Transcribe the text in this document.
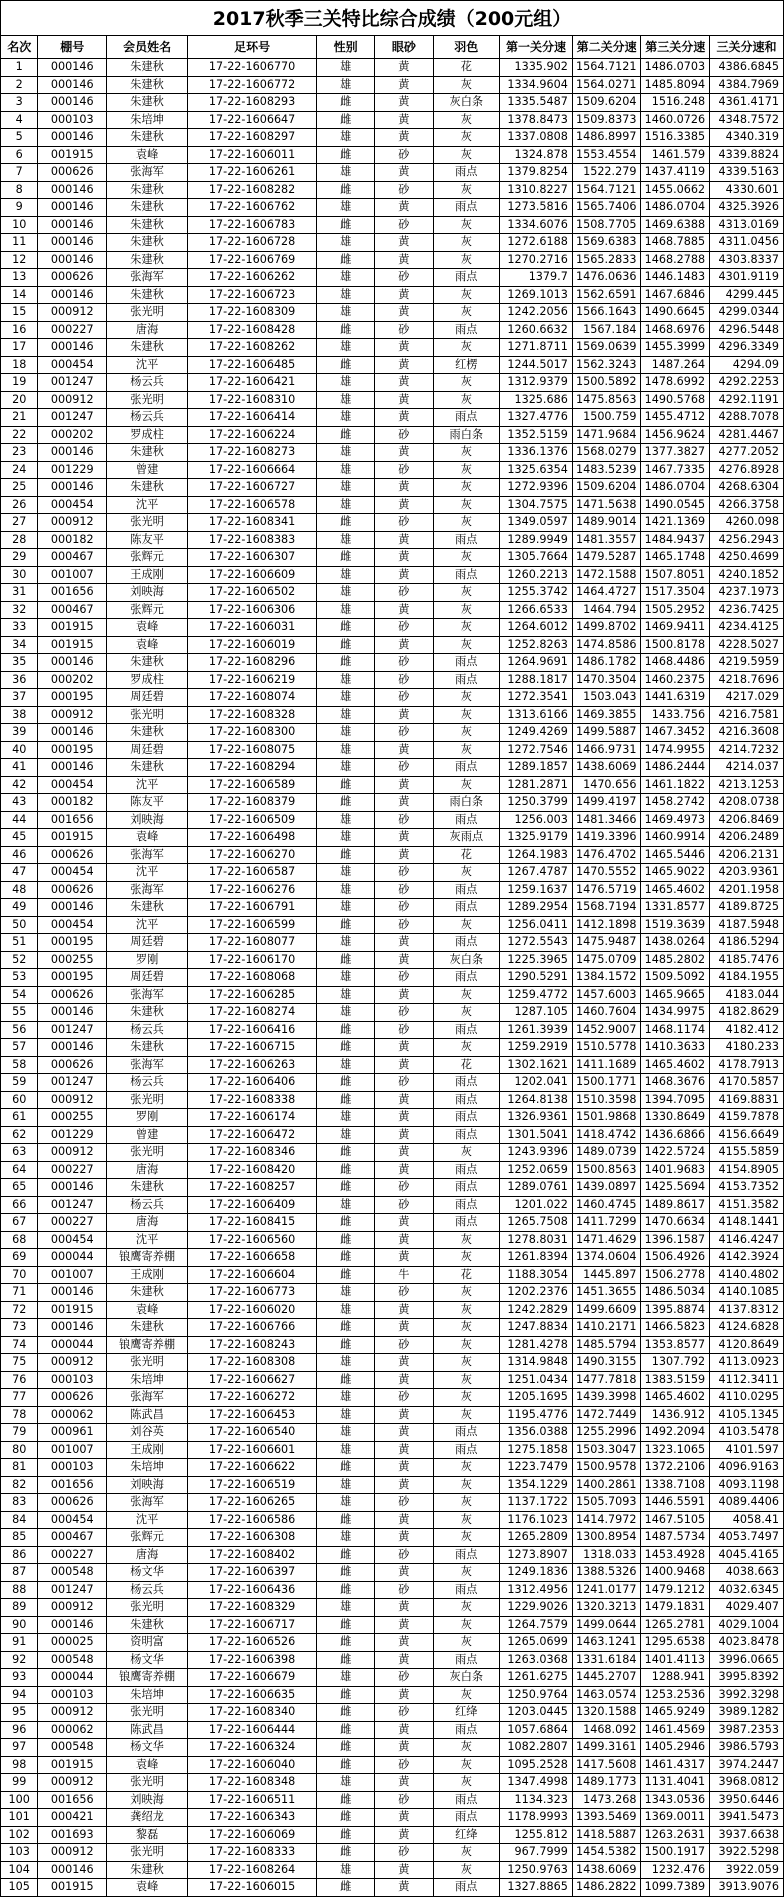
2017秋季三关特比综合成绩（200元组）
名次	棚号	会员姓名	足环号	性别	眼砂	羽色	第一关分速	第二关分速	第三关分速	三关分速和
1	000146	朱建秋	17-22-1606770	雄	黄	花	1335.902	1564.7121	1486.0703	4386.6845
2	000146	朱建秋	17-22-1606772	雄	黄	灰	1334.9604	1564.0271	1485.8094	4384.7969
3	000146	朱建秋	17-22-1608293	雌	黄	灰白条	1335.5487	1509.6204	1516.248	4361.4171
4	000103	朱培坤	17-22-1606647	雌	黄	灰	1378.8473	1509.8373	1460.0726	4348.7572
5	000146	朱建秋	17-22-1608297	雄	黄	灰	1337.0808	1486.8997	1516.3385	4340.319
6	001915	袁峰	17-22-1606011	雌	砂	灰	1324.878	1553.4554	1461.579	4339.8824
7	000626	张海军	17-22-1606261	雄	黄	雨点	1379.8254	1522.279	1437.4119	4339.5163
8	000146	朱建秋	17-22-1608282	雌	砂	灰	1310.8227	1564.7121	1455.0662	4330.601
9	000146	朱建秋	17-22-1606762	雄	黄	雨点	1273.5816	1565.7406	1486.0704	4325.3926
10	000146	朱建秋	17-22-1606783	雌	砂	灰	1334.6076	1508.7705	1469.6388	4313.0169
11	000146	朱建秋	17-22-1606728	雄	黄	灰	1272.6188	1569.6383	1468.7885	4311.0456
12	000146	朱建秋	17-22-1606769	雌	黄	灰	1270.2716	1565.2833	1468.2788	4303.8337
13	000626	张海军	17-22-1606262	雄	砂	雨点	1379.7	1476.0636	1446.1483	4301.9119
14	000146	朱建秋	17-22-1606723	雄	黄	灰	1269.1013	1562.6591	1467.6846	4299.445
15	000912	张光明	17-22-1608309	雄	黄	灰	1242.2056	1566.1643	1490.6645	4299.0344
16	000227	唐海	17-22-1608428	雌	砂	雨点	1260.6632	1567.184	1468.6976	4296.5448
17	000146	朱建秋	17-22-1608262	雄	黄	灰	1271.8711	1569.0639	1455.3999	4296.3349
18	000454	沈平	17-22-1606485	雌	黄	红楞	1244.5017	1562.3243	1487.264	4294.09
19	001247	杨云兵	17-22-1606421	雄	黄	灰	1312.9379	1500.5892	1478.6992	4292.2253
20	000912	张光明	17-22-1608310	雄	黄	灰	1325.686	1475.8563	1490.5768	4292.1191
21	001247	杨云兵	17-22-1606414	雄	黄	雨点	1327.4776	1500.759	1455.4712	4288.7078
22	000202	罗成柱	17-22-1606224	雌	砂	雨白条	1352.5159	1471.9684	1456.9624	4281.4467
23	000146	朱建秋	17-22-1608273	雄	黄	灰	1336.1376	1568.0279	1377.3827	4277.2052
24	001229	曾建	17-22-1606664	雄	砂	灰	1325.6354	1483.5239	1467.7335	4276.8928
25	000146	朱建秋	17-22-1606727	雄	黄	灰	1272.9396	1509.6204	1486.0704	4268.6304
26	000454	沈平	17-22-1606578	雄	黄	灰	1304.7575	1471.5638	1490.0545	4266.3758
27	000912	张光明	17-22-1608341	雌	砂	灰	1349.0597	1489.9014	1421.1369	4260.098
28	000182	陈友平	17-22-1608383	雄	黄	雨点	1289.9949	1481.3557	1484.9437	4256.2943
29	000467	张辉元	17-22-1606307	雌	黄	灰	1305.7664	1479.5287	1465.1748	4250.4699
30	001007	王成刚	17-22-1606609	雄	黄	雨点	1260.2213	1472.1588	1507.8051	4240.1852
31	001656	刘映海	17-22-1606502	雄	砂	灰	1255.3742	1464.4727	1517.3504	4237.1973
32	000467	张辉元	17-22-1606306	雄	黄	灰	1266.6533	1464.794	1505.2952	4236.7425
33	001915	袁峰	17-22-1606031	雌	砂	灰	1264.6012	1499.8702	1469.9411	4234.4125
34	001915	袁峰	17-22-1606019	雌	黄	灰	1252.8263	1474.8586	1500.8178	4228.5027
35	000146	朱建秋	17-22-1608296	雌	砂	雨点	1264.9691	1486.1782	1468.4486	4219.5959
36	000202	罗成柱	17-22-1606219	雄	砂	雨点	1288.1817	1470.3504	1460.2375	4218.7696
37	000195	周廷碧	17-22-1608074	雄	砂	灰	1272.3541	1503.043	1441.6319	4217.029
38	000912	张光明	17-22-1608328	雄	黄	灰	1313.6166	1469.3855	1433.756	4216.7581
39	000146	朱建秋	17-22-1608300	雄	砂	灰	1249.4269	1499.5887	1467.3452	4216.3608
40	000195	周廷碧	17-22-1608075	雄	黄	灰	1272.7546	1466.9731	1474.9955	4214.7232
41	000146	朱建秋	17-22-1608294	雄	砂	雨点	1289.1857	1438.6069	1486.2444	4214.037
42	000454	沈平	17-22-1606589	雌	黄	灰	1281.2871	1470.656	1461.1822	4213.1253
43	000182	陈友平	17-22-1608379	雌	黄	雨白条	1250.3799	1499.4197	1458.2742	4208.0738
44	001656	刘映海	17-22-1606509	雄	砂	雨点	1256.003	1481.3466	1469.4973	4206.8469
45	001915	袁峰	17-22-1606498	雄	黄	灰雨点	1325.9179	1419.3396	1460.9914	4206.2489
46	000626	张海军	17-22-1606270	雌	黄	花	1264.1983	1476.4702	1465.5446	4206.2131
47	000454	沈平	17-22-1606587	雄	砂	灰	1267.4787	1470.5552	1465.9022	4203.9361
48	000626	张海军	17-22-1606276	雄	砂	雨点	1259.1637	1476.5719	1465.4602	4201.1958
49	000146	朱建秋	17-22-1606791	雄	砂	雨点	1289.2954	1568.7194	1331.8577	4189.8725
50	000454	沈平	17-22-1606599	雌	砂	灰	1256.0411	1412.1898	1519.3639	4187.5948
51	000195	周廷碧	17-22-1608077	雄	黄	雨点	1272.5543	1475.9487	1438.0264	4186.5294
52	000255	罗刚	17-22-1606170	雌	黄	灰白条	1225.3965	1475.0709	1485.2802	4185.7476
53	000195	周廷碧	17-22-1608068	雄	砂	雨点	1290.5291	1384.1572	1509.5092	4184.1955
54	000626	张海军	17-22-1606285	雄	黄	灰	1259.4772	1457.6003	1465.9665	4183.044
55	000146	朱建秋	17-22-1608274	雄	砂	灰	1287.105	1460.7604	1434.9975	4182.8629
56	001247	杨云兵	17-22-1606416	雌	砂	雨点	1261.3939	1452.9007	1468.1174	4182.412
57	000146	朱建秋	17-22-1606715	雌	黄	灰	1259.2919	1510.5778	1410.3633	4180.233
58	000626	张海军	17-22-1606263	雄	黄	花	1302.1621	1411.1689	1465.4602	4178.7913
59	001247	杨云兵	17-22-1606406	雌	砂	雨点	1202.041	1500.1771	1468.3676	4170.5857
60	000912	张光明	17-22-1608338	雌	黄	雨点	1264.8138	1510.3598	1394.7095	4169.8831
61	000255	罗刚	17-22-1606174	雄	黄	雨点	1326.9361	1501.9868	1330.8649	4159.7878
62	001229	曾建	17-22-1606472	雄	黄	雨点	1301.5041	1418.4742	1436.6866	4156.6649
63	000912	张光明	17-22-1608346	雌	黄	灰	1243.9396	1489.0739	1422.5724	4155.5859
64	000227	唐海	17-22-1608420	雌	黄	雨点	1252.0659	1500.8563	1401.9683	4154.8905
65	000146	朱建秋	17-22-1608257	雌	砂	雨点	1289.0761	1439.0897	1425.5694	4153.7352
66	001247	杨云兵	17-22-1606409	雄	砂	雨点	1201.022	1460.4745	1489.8617	4151.3582
67	000227	唐海	17-22-1608415	雌	黄	雨点	1265.7508	1411.7299	1470.6634	4148.1441
68	000454	沈平	17-22-1606560	雌	黄	灰	1278.8031	1471.4629	1396.1587	4146.4247
69	000044	锒鹰寄养棚	17-22-1606658	雌	黄	灰	1261.8394	1374.0604	1506.4926	4142.3924
70	001007	王成刚	17-22-1606604	雌	牛	花	1188.3054	1445.897	1506.2778	4140.4802
71	000146	朱建秋	17-22-1606773	雄	砂	灰	1202.2376	1451.3655	1486.5034	4140.1085
72	001915	袁峰	17-22-1606020	雄	黄	灰	1242.2829	1499.6609	1395.8874	4137.8312
73	000146	朱建秋	17-22-1606766	雌	黄	灰	1247.8834	1410.2171	1466.5823	4124.6828
74	000044	锒鹰寄养棚	17-22-1608243	雌	砂	灰	1281.4278	1485.5794	1353.8577	4120.8649
75	000912	张光明	17-22-1608308	雄	黄	灰	1314.9848	1490.3155	1307.792	4113.0923
76	000103	朱培坤	17-22-1606627	雌	黄	灰	1251.0434	1477.7818	1383.5159	4112.3411
77	000626	张海军	17-22-1606272	雄	砂	灰	1205.1695	1439.3998	1465.4602	4110.0295
78	000062	陈武昌	17-22-1606453	雄	黄	灰	1195.4776	1472.7449	1436.912	4105.1345
79	000961	刘谷英	17-22-1606540	雄	黄	雨点	1356.0388	1255.2996	1492.2094	4103.5478
80	001007	王成刚	17-22-1606601	雄	黄	雨点	1275.1858	1503.3047	1323.1065	4101.597
81	000103	朱培坤	17-22-1606622	雌	黄	灰	1223.7479	1500.9578	1372.2106	4096.9163
82	001656	刘映海	17-22-1606519	雄	黄	灰	1354.1229	1400.2861	1338.7108	4093.1198
83	000626	张海军	17-22-1606265	雄	砂	灰	1137.1722	1505.7093	1446.5591	4089.4406
84	000454	沈平	17-22-1606586	雌	黄	灰	1176.1023	1414.7972	1467.5105	4058.41
85	000467	张辉元	17-22-1606308	雄	黄	灰	1265.2809	1300.8954	1487.5734	4053.7497
86	000227	唐海	17-22-1608402	雌	砂	雨点	1273.8907	1318.033	1453.4928	4045.4165
87	000548	杨文华	17-22-1606397	雌	黄	灰	1249.1836	1388.5326	1400.9468	4038.663
88	001247	杨云兵	17-22-1606436	雌	砂	雨点	1312.4956	1241.0177	1479.1212	4032.6345
89	000912	张光明	17-22-1608329	雄	黄	灰	1229.9026	1320.3213	1479.1831	4029.407
90	000146	朱建秋	17-22-1606717	雌	黄	灰	1264.7579	1499.0644	1265.2781	4029.1004
91	000025	资明富	17-22-1606526	雌	黄	灰	1265.0699	1463.1241	1295.6538	4023.8478
92	000548	杨文华	17-22-1606398	雌	黄	雨点	1263.0368	1331.6184	1401.4113	3996.0665
93	000044	锒鹰寄养棚	17-22-1606679	雄	砂	灰白条	1261.6275	1445.2707	1288.941	3995.8392
94	000103	朱培坤	17-22-1606635	雌	黄	灰	1250.9764	1463.0574	1253.2536	3992.3298
95	000912	张光明	17-22-1608340	雌	砂	红绛	1203.0445	1320.1588	1465.9249	3989.1282
96	000062	陈武昌	17-22-1606444	雌	黄	雨点	1057.6864	1468.092	1461.4569	3987.2353
97	000548	杨文华	17-22-1606324	雌	黄	灰	1082.2807	1499.3161	1405.2946	3986.5793
98	001915	袁峰	17-22-1606040	雌	砂	灰	1095.2528	1417.5608	1461.4317	3974.2447
99	000912	张光明	17-22-1608348	雄	黄	灰	1347.4998	1489.1773	1131.4041	3968.0812
100	001656	刘映海	17-22-1606511	雌	砂	雨点	1134.323	1473.268	1343.0536	3950.6446
101	000421	龚绍龙	17-22-1606343	雌	黄	雨点	1178.9993	1393.5469	1369.0011	3941.5473
102	001693	黎磊	17-22-1606069	雌	黄	红绛	1255.812	1418.5887	1263.2631	3937.6638
103	000912	张光明	17-22-1608333	雌	砂	灰	967.7999	1454.5382	1500.1917	3922.5298
104	000146	朱建秋	17-22-1608264	雄	黄	灰	1250.9763	1438.6069	1232.476	3922.059
105	001915	袁峰	17-22-1606015	雌	黄	雨点	1327.8865	1486.2822	1099.7389	3913.9076
